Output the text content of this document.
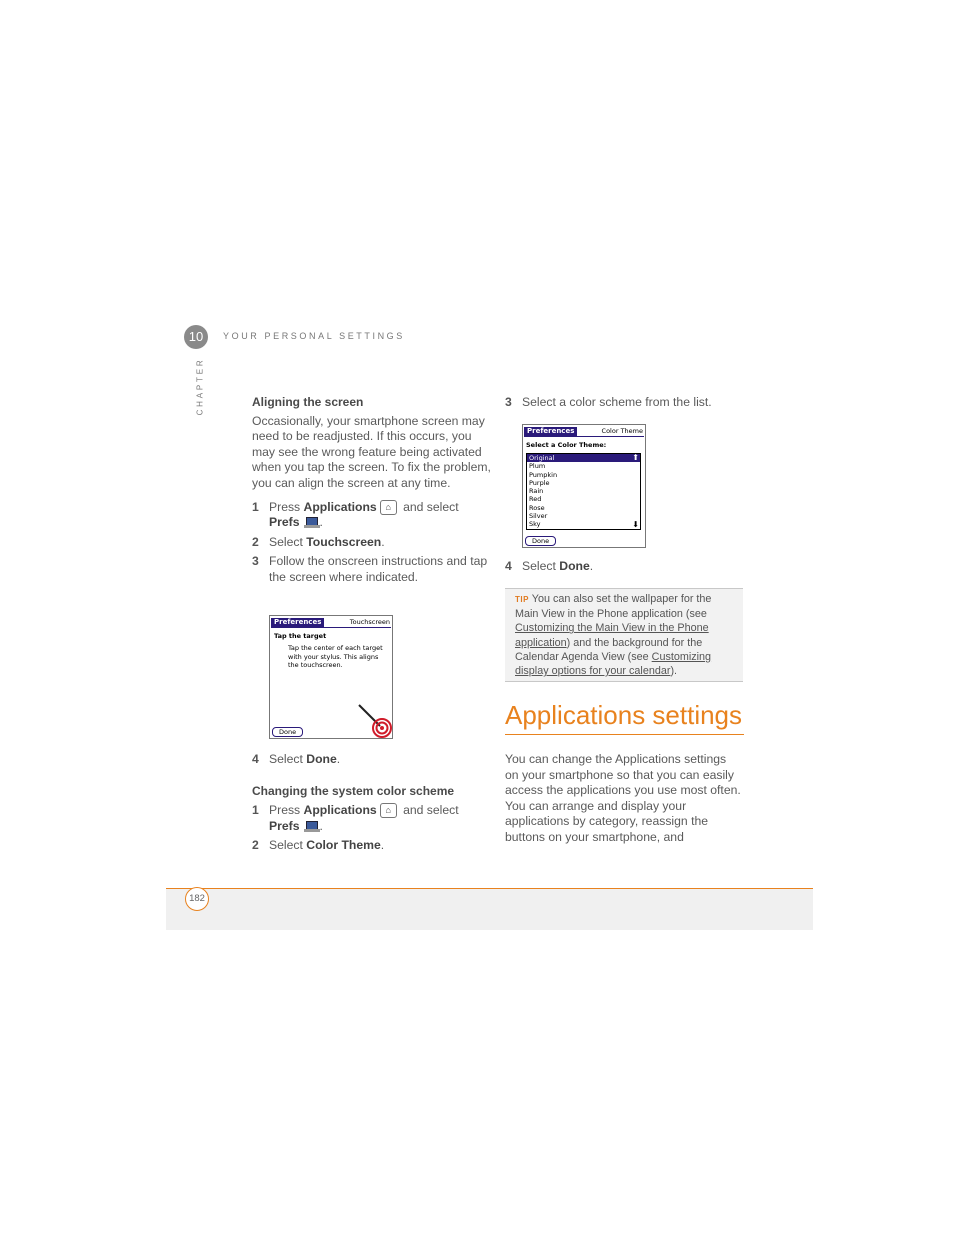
10	YOUR PERSONAL SETTINGS
CHAPTER	Aligning the screen
Occasionally, your smartphone screen may need to be readjusted. If this occurs, you may see the wrong feature being activated when you tap the screen. To fix the problem, you can align the screen at any time.
1 Press Applications ⌂ and select Prefs .
2 Select Touchscreen.
3 Follow the onscreen instructions and tap the screen where indicated.
Preferences	Touchscreen
Tap the target
Tap the center of each target with your stylus. This aligns the touchscreen.
Done
4 Select Done.
Changing the system color scheme
1 Press Applications ⌂ and select Prefs .
2 Select Color Theme.
3 Select a color scheme from the list.
Preferences	Color Theme
Select a Color Theme:
Original
Plum
Pumpkin
Purple
Rain
Red
Rose
Silver
Sky
⬆
⬇
Done
4 Select Done.
TIP You can also set the wallpaper for the Main View in the Phone application (see Customizing the Main View in the Phone application) and the background for the Calendar Agenda View (see Customizing display options for your calendar).
Applications settings
You can change the Applications settings on your smartphone so that you can easily access the applications you use most often. You can arrange and display your applications by category, reassign the buttons on your smartphone, and
182
